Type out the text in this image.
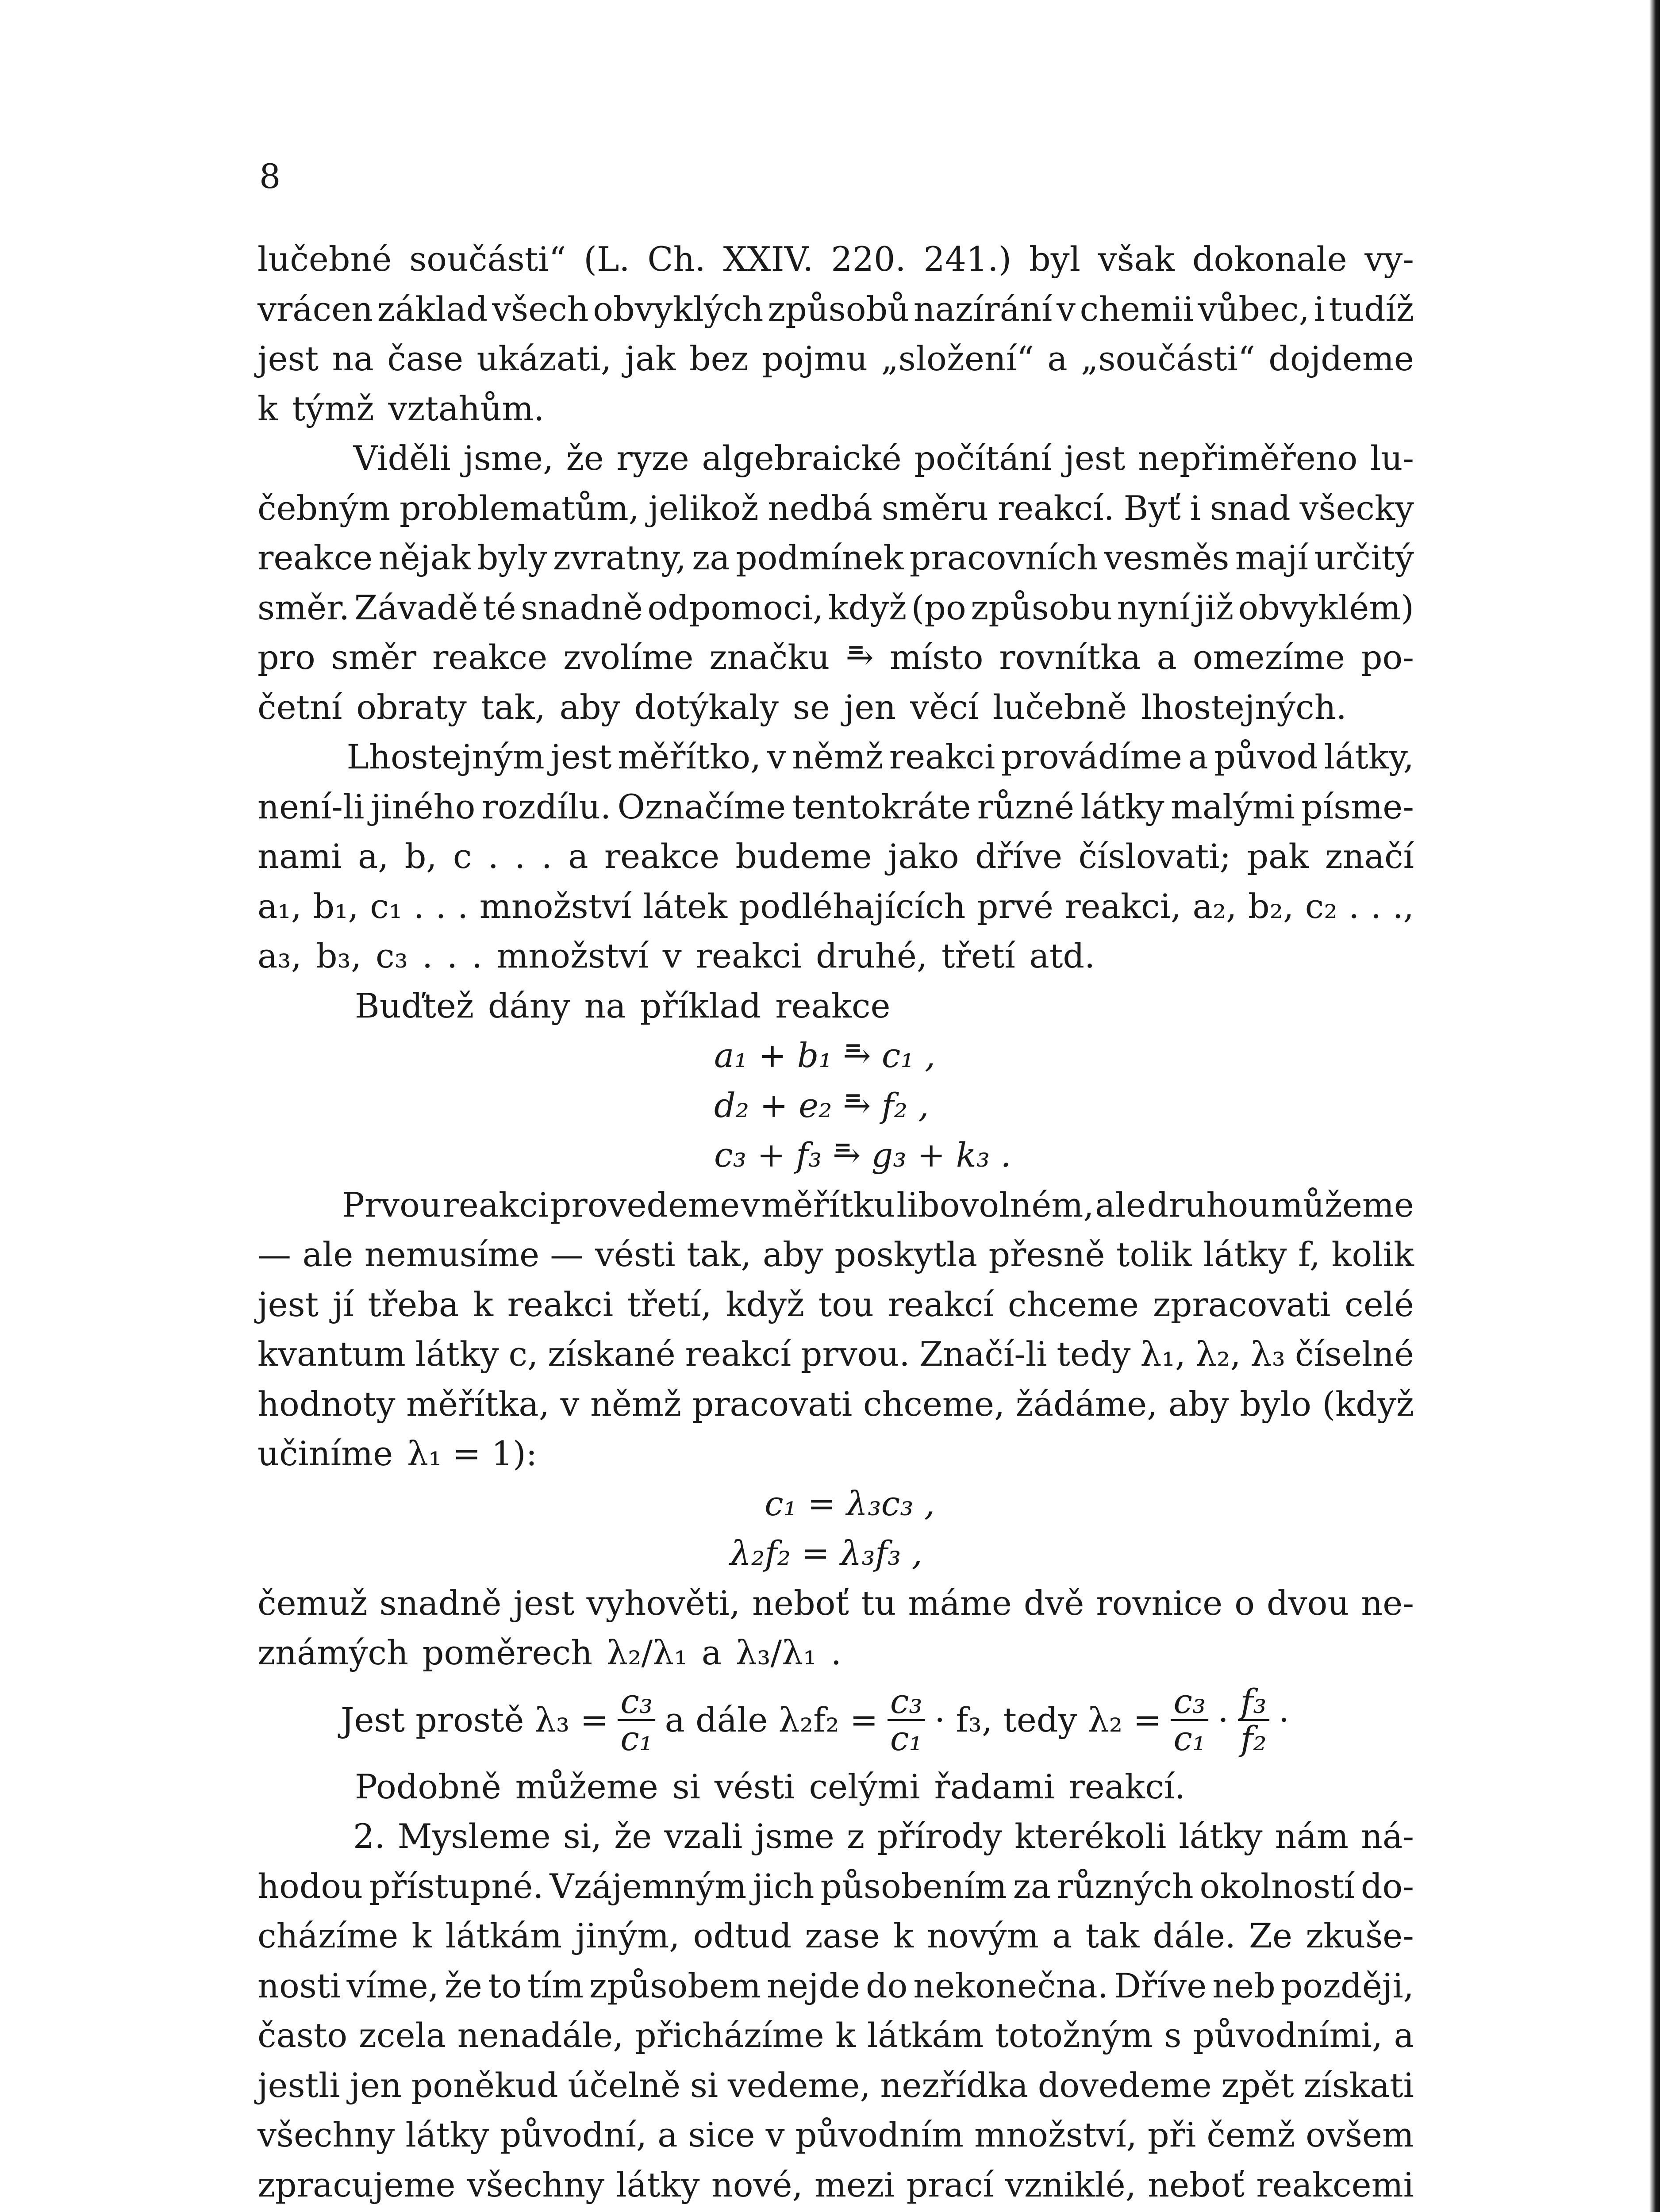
8
lučebné součásti“ (L. Ch. XXIV. 220. 241.) byl však dokonale vy-
vrácen základ všech obvyklých způsobů nazírání v chemii vůbec, i tudíž
jest na čase ukázati, jak bez pojmu „složení“ a „součásti“ dojdeme
k týmž vztahům.
Viděli jsme, že ryze algebraické počítání jest nepřiměřeno lu-
čebným problematům, jelikož nedbá směru reakcí. Byť i snad všecky
reakce nějak byly zvratny, za podmínek pracovních vesměs mají určitý
směr. Závadě té snadně odpomoci, když (po způsobu nyní již obvyklém)
pro směr reakce zvolíme značku ⥱ místo rovnítka a omezíme po-
četní obraty tak, aby dotýkaly se jen věcí lučebně lhostejných.
Lhostejným jest měřítko, v němž reakci provádíme a původ látky,
není-li jiného rozdílu. Označíme tentokráte různé látky malými písme-
nami a, b, c . . . a reakce budeme jako dříve číslovati; pak značí
a₁, b₁, c₁ . . . množství látek podléhajících prvé reakci, a₂, b₂, c₂ . . .,
a₃, b₃, c₃ . . . množství v reakci druhé, třetí atd.
Buďtež dány na příklad reakce
a₁ + b₁ ⥱ c₁ ,
d₂ + e₂ ⥱ f₂ ,
c₃ + f₃ ⥱ g₃ + k₃ .
Prvou reakci provedeme v měřítku libovolném, ale druhou můžeme
— ale nemusíme — vésti tak, aby poskytla přesně tolik látky f, kolik
jest jí třeba k reakci třetí, když tou reakcí chceme zpracovati celé
kvantum látky c, získané reakcí prvou. Značí-li tedy λ₁, λ₂, λ₃ číselné
hodnoty měřítka, v němž pracovati chceme, žádáme, aby bylo (když
učiníme λ₁ = 1):
c₁ = λ₃c₃ ,
λ₂f₂ = λ₃f₃ ,
čemuž snadně jest vyhověti, neboť tu máme dvě rovnice o dvou ne-
známých poměrech λ₂/λ₁ a λ₃/λ₁ .
Jest prostě $\lambda_3 = \frac{\text{c₃}}{\text{c₁}}$ a dále $\lambda_2f_2 = \frac{\text{c₃}}{\text{c₁}} \cdot f_3$, tedy $\lambda_2 = \frac{\text{c₃}}{\text{c₁}} \cdot \frac{\text{f₃}}{\text{f₂}}$ ·
Podobně můžeme si vésti celými řadami reakcí.
2. Mysleme si, že vzali jsme z přírody kterékoli látky nám ná-
hodou přístupné. Vzájemným jich působením za různých okolností do-
cházíme k látkám jiným, odtud zase k novým a tak dále. Ze zkuše-
nosti víme, že to tím způsobem nejde do nekonečna. Dříve neb později,
často zcela nenadále, přicházíme k látkám totožným s původními, a
jestli jen poněkud účelně si vedeme, nezřídka dovedeme zpět získati
všechny látky původní, a sice v původním množství, při čemž ovšem
zpracujeme všechny látky nové, mezi prací vzniklé, neboť reakcemi
